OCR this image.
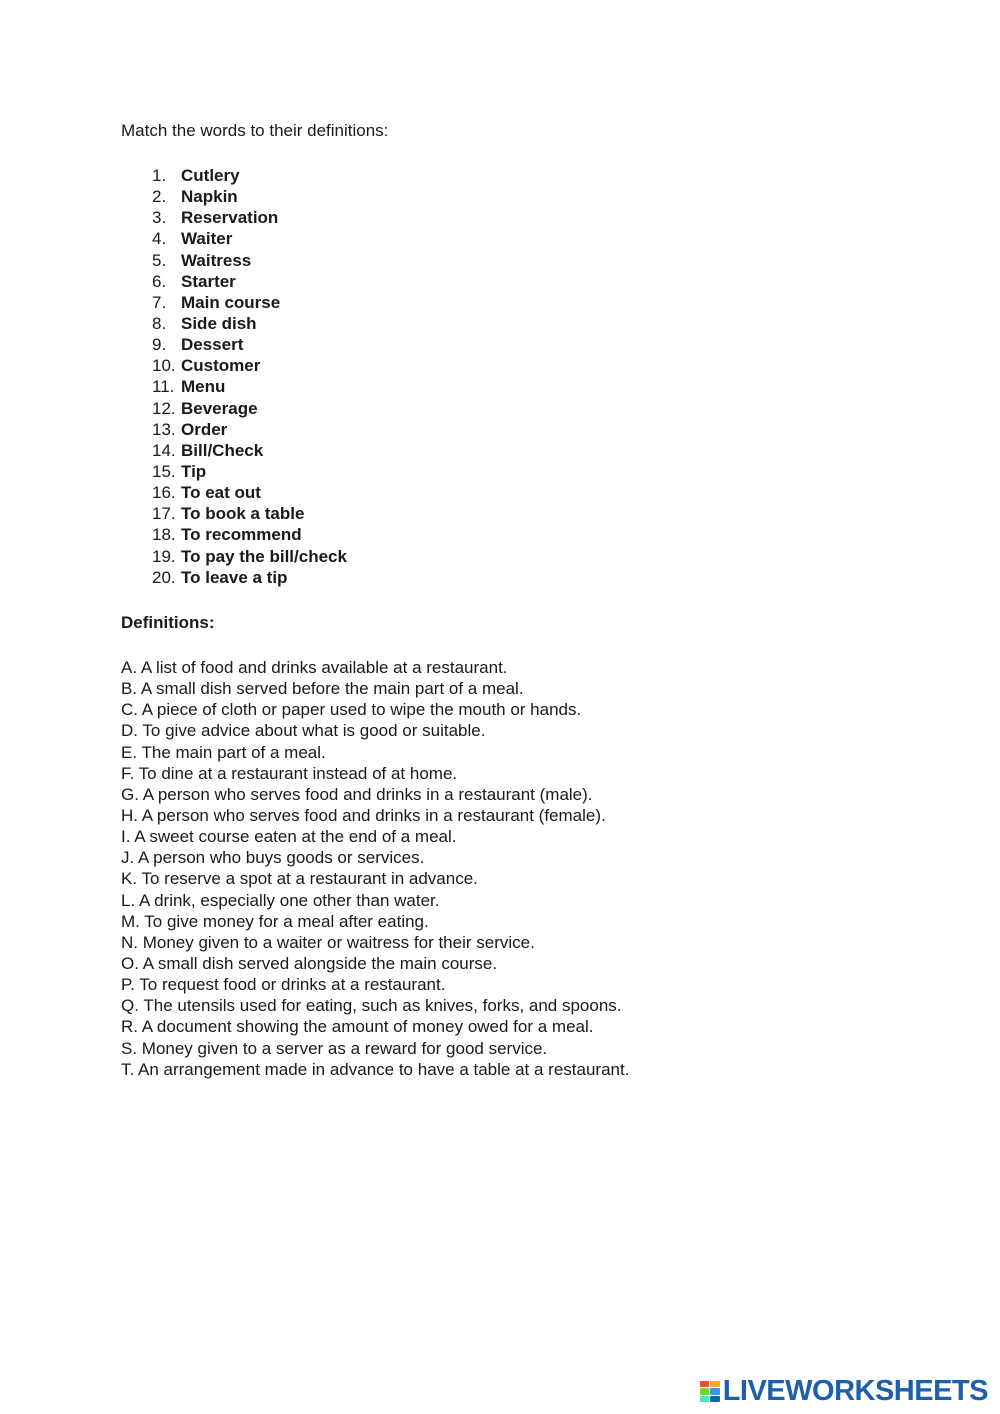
Match the words to their definitions:
1. Cutlery
2. Napkin
3. Reservation
4. Waiter
5. Waitress
6. Starter
7. Main course
8. Side dish
9. Dessert
10. Customer
11. Menu
12. Beverage
13. Order
14. Bill/Check
15. Tip
16. To eat out
17. To book a table
18. To recommend
19. To pay the bill/check
20. To leave a tip
Definitions:
A. A list of food and drinks available at a restaurant.
B. A small dish served before the main part of a meal.
C. A piece of cloth or paper used to wipe the mouth or hands.
D. To give advice about what is good or suitable.
E. The main part of a meal.
F. To dine at a restaurant instead of at home.
G. A person who serves food and drinks in a restaurant (male).
H. A person who serves food and drinks in a restaurant (female).
I. A sweet course eaten at the end of a meal.
J. A person who buys goods or services.
K. To reserve a spot at a restaurant in advance.
L. A drink, especially one other than water.
M. To give money for a meal after eating.
N. Money given to a waiter or waitress for their service.
O. A small dish served alongside the main course.
P. To request food or drinks at a restaurant.
Q. The utensils used for eating, such as knives, forks, and spoons.
R. A document showing the amount of money owed for a meal.
S. Money given to a server as a reward for good service.
T. An arrangement made in advance to have a table at a restaurant.
LIVEWORKSHEETS
